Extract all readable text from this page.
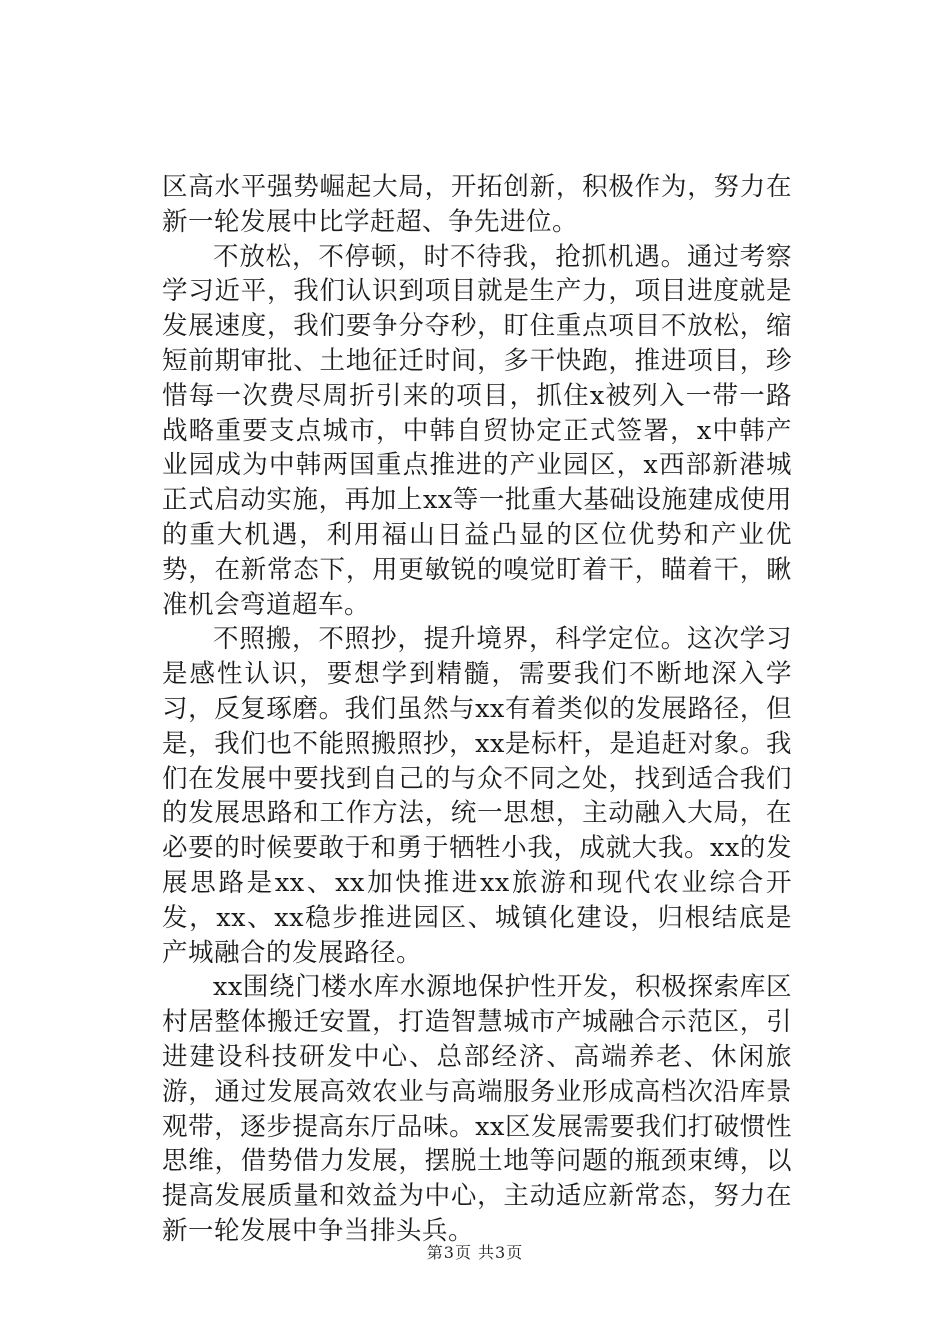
区高水平强势崛起大局，开拓创新，积极作为，努力在新一轮发展中比学赶超、争先进位。

不放松，不停顿，时不待我，抢抓机遇。通过考察学习近平，我们认识到项目就是生产力，项目进度就是发展速度，我们要争分夺秒，盯住重点项目不放松，缩短前期审批、土地征迁时间，多干快跑，推进项目，珍惜每一次费尽周折引来的项目，抓住x被列入一带一路战略重要支点城市，中韩自贸协定正式签署，x中韩产业园成为中韩两国重点推进的产业园区，x西部新港城正式启动实施，再加上xx等一批重大基础设施建成使用的重大机遇，利用福山日益凸显的区位优势和产业优势，在新常态下，用更敏锐的嗅觉盯着干，瞄着干，瞅准机会弯道超车。

不照搬，不照抄，提升境界，科学定位。这次学习是感性认识，要想学到精髓，需要我们不断地深入学习，反复琢磨。我们虽然与xx有着类似的发展路径，但是，我们也不能照搬照抄，xx是标杆，是追赶对象。我们在发展中要找到自己的与众不同之处，找到适合我们的发展思路和工作方法，统一思想，主动融入大局，在必要的时候要敢于和勇于牺牲小我，成就大我。xx的发展思路是xx、xx加快推进xx旅游和现代农业综合开发，xx、xx稳步推进园区、城镇化建设，归根结底是产城融合的发展路径。

xx围绕门楼水库水源地保护性开发，积极探索库区村居整体搬迁安置，打造智慧城市产城融合示范区，引进建设科技研发中心、总部经济、高端养老、休闲旅游，通过发展高效农业与高端服务业形成高档次沿库景观带，逐步提高东厅品味。xx区发展需要我们打破惯性思维，借势借力发展，摆脱土地等问题的瓶颈束缚，以提高发展质量和效益为中心，主动适应新常态，努力在新一轮发展中争当排头兵。

第3页 共3页
